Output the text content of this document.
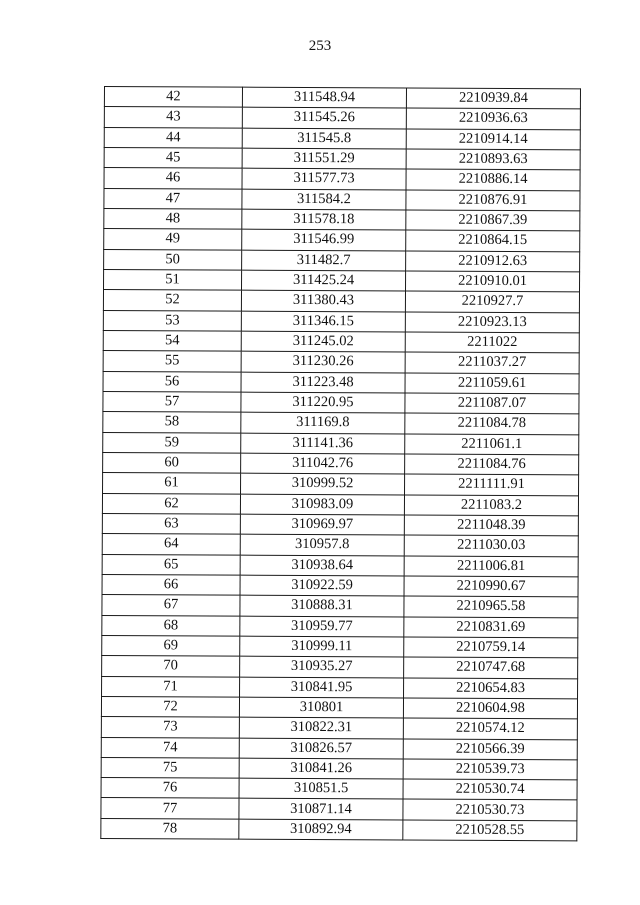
253
42	311548.94	2210939.84
43	311545.26	2210936.63
44	311545.8	2210914.14
45	311551.29	2210893.63
46	311577.73	2210886.14
47	311584.2	2210876.91
48	311578.18	2210867.39
49	311546.99	2210864.15
50	311482.7	2210912.63
51	311425.24	2210910.01
52	311380.43	2210927.7
53	311346.15	2210923.13
54	311245.02	2211022
55	311230.26	2211037.27
56	311223.48	2211059.61
57	311220.95	2211087.07
58	311169.8	2211084.78
59	311141.36	2211061.1
60	311042.76	2211084.76
61	310999.52	2211111.91
62	310983.09	2211083.2
63	310969.97	2211048.39
64	310957.8	2211030.03
65	310938.64	2211006.81
66	310922.59	2210990.67
67	310888.31	2210965.58
68	310959.77	2210831.69
69	310999.11	2210759.14
70	310935.27	2210747.68
71	310841.95	2210654.83
72	310801	2210604.98
73	310822.31	2210574.12
74	310826.57	2210566.39
75	310841.26	2210539.73
76	310851.5	2210530.74
77	310871.14	2210530.73
78	310892.94	2210528.55
